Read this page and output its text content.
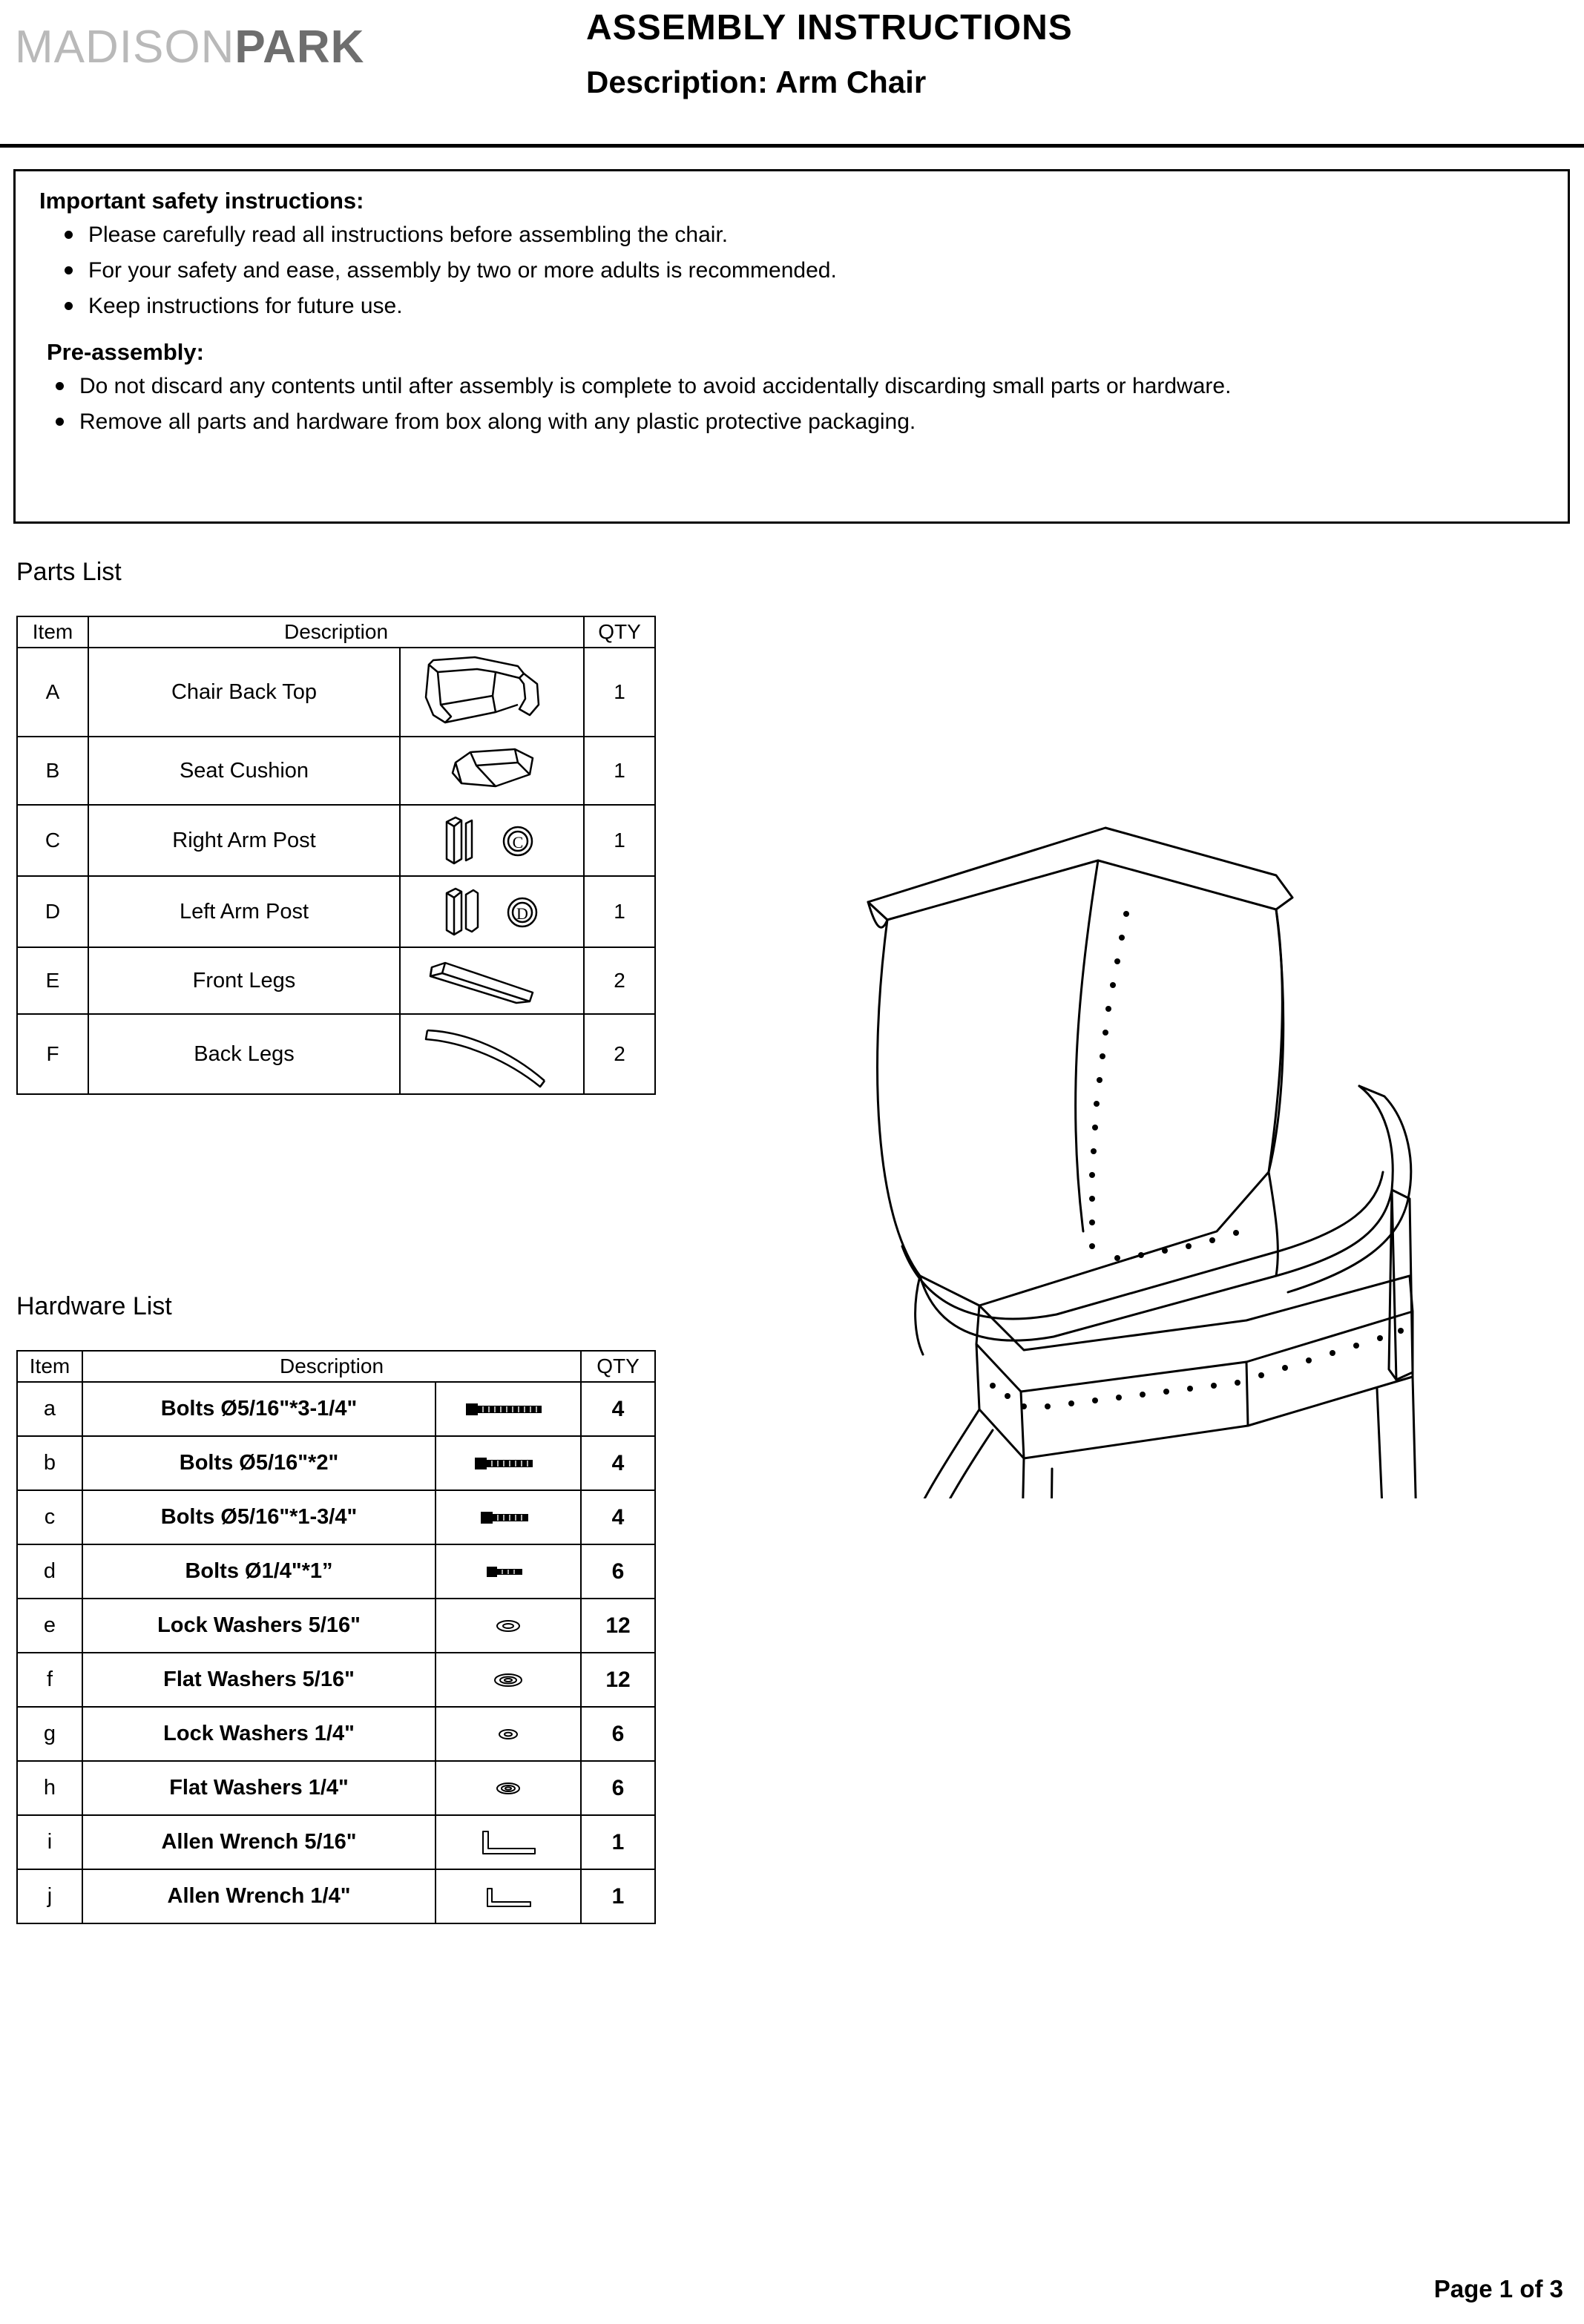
MADISONPARK	ASSEMBLY INSTRUCTIONS
Description: Arm Chair
Important safety instructions:
Please carefully read all instructions before assembling the chair.
For your safety and ease, assembly by two or more adults is recommended.
Keep instructions for future use.
Pre-assembly:
Do not discard any contents until after assembly is complete to avoid accidentally discarding small parts or hardware.
Remove all parts and hardware from box along with any plastic protective packaging.
Parts List
Item	Description		QTY
A	Chair Back Top		1
B	Seat Cushion		1
C	Right Arm Post	C	1
D	Left Arm Post	D	1
E	Front Legs		2
F	Back Legs		2
Hardware List
Item	Description		QTY
a	Bolts Ø5/16"*3-1/4"		4
b	Bolts Ø5/16"*2"		4
c	Bolts Ø5/16"*1-3/4"		4
d	Bolts Ø1/4"*1”		6
e	Lock Washers 5/16"		12
f	Flat Washers 5/16"		12
g	Lock Washers 1/4"		6
h	Flat Washers 1/4"		6
i	Allen Wrench 5/16"		1
j	Allen Wrench 1/4"		1
Page 1 of 3
